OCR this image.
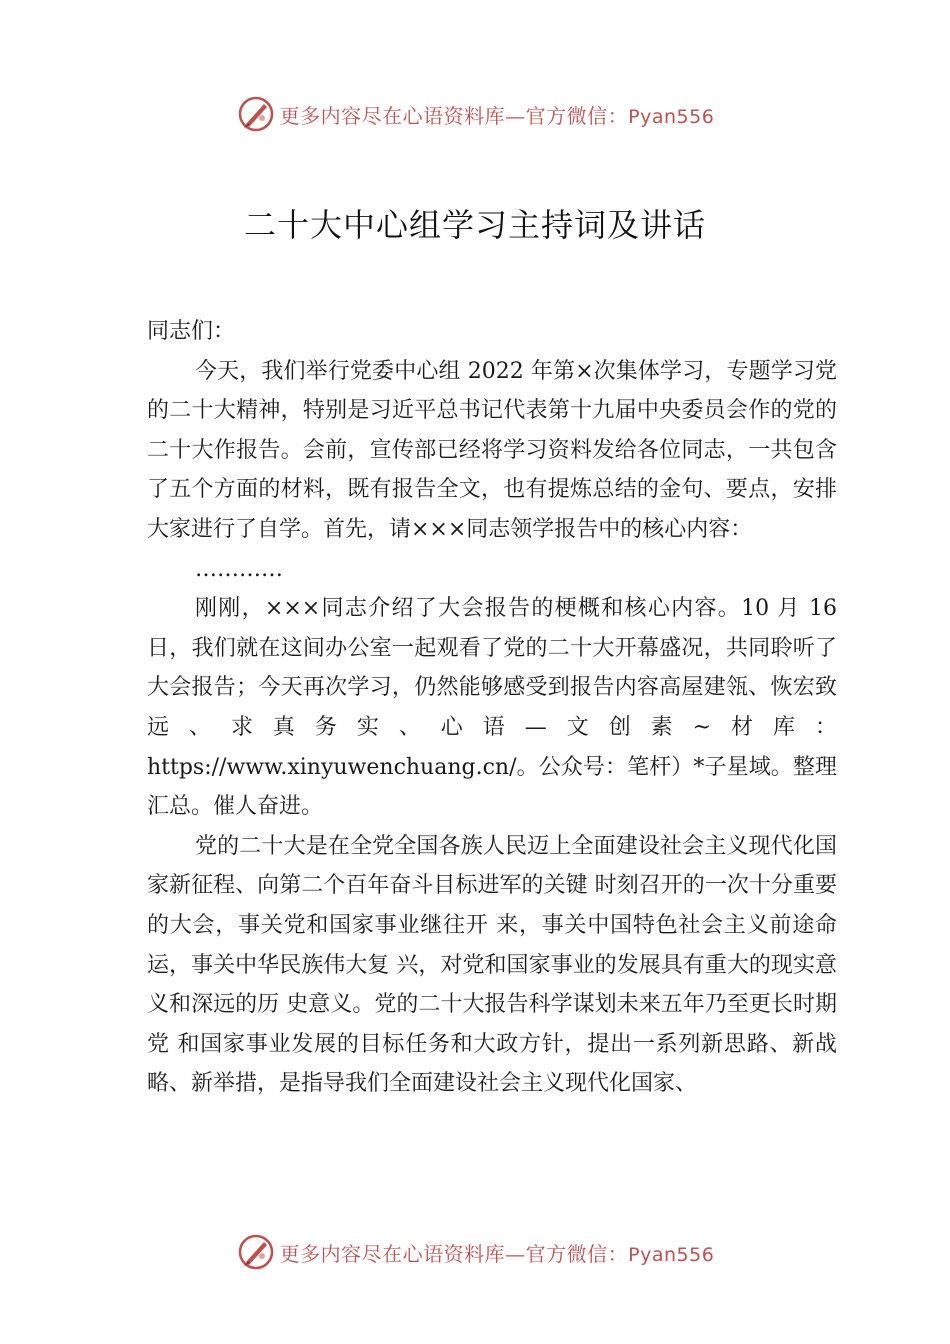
更多内容尽在心语资料库—官方微信：Pyan556
二十大中心组学习主持词及讲话

同志们：

今天，我们举行党委中心组 2022 年第×次集体学习，专题学习党的二十大精神，特别是习近平总书记代表第十九届中央委员会作的党的二十大作报告。会前，宣传部已经将学习资料发给各位同志，一共包含了五个方面的材料，既有报告全文，也有提炼总结的金句、要点，安排大家进行了自学。首先，请×××同志领学报告中的核心内容：

…………

刚刚，×××同志介绍了大会报告的梗概和核心内容。10 月 16 日，我们就在这间办公室一起观看了党的二十大开幕盛况，共同聆听了大会报告；今天再次学习，仍然能够感受到报告内容高屋建瓴、恢宏致远、求真务实、心语—文创素~材库：https://www.xinyuwenchuang.cn/。公众号：笔杆）*子星域。整理汇总。催人奋进。

党的二十大是在全党全国各族人民迈上全面建设社会主义现代化国家新征程、向第二个百年奋斗目标进军的关键 时刻召开的一次十分重要的大会，事关党和国家事业继往开 来，事关中国特色社会主义前途命运，事关中华民族伟大复 兴，对党和国家事业的发展具有重大的现实意义和深远的历 史意义。党的二十大报告科学谋划未来五年乃至更长时期党 和国家事业发展的目标任务和大政方针，提出一系列新思路、新战略、新举措，是指导我们全面建设社会主义现代化国家、

更多内容尽在心语资料库—官方微信：Pyan556
